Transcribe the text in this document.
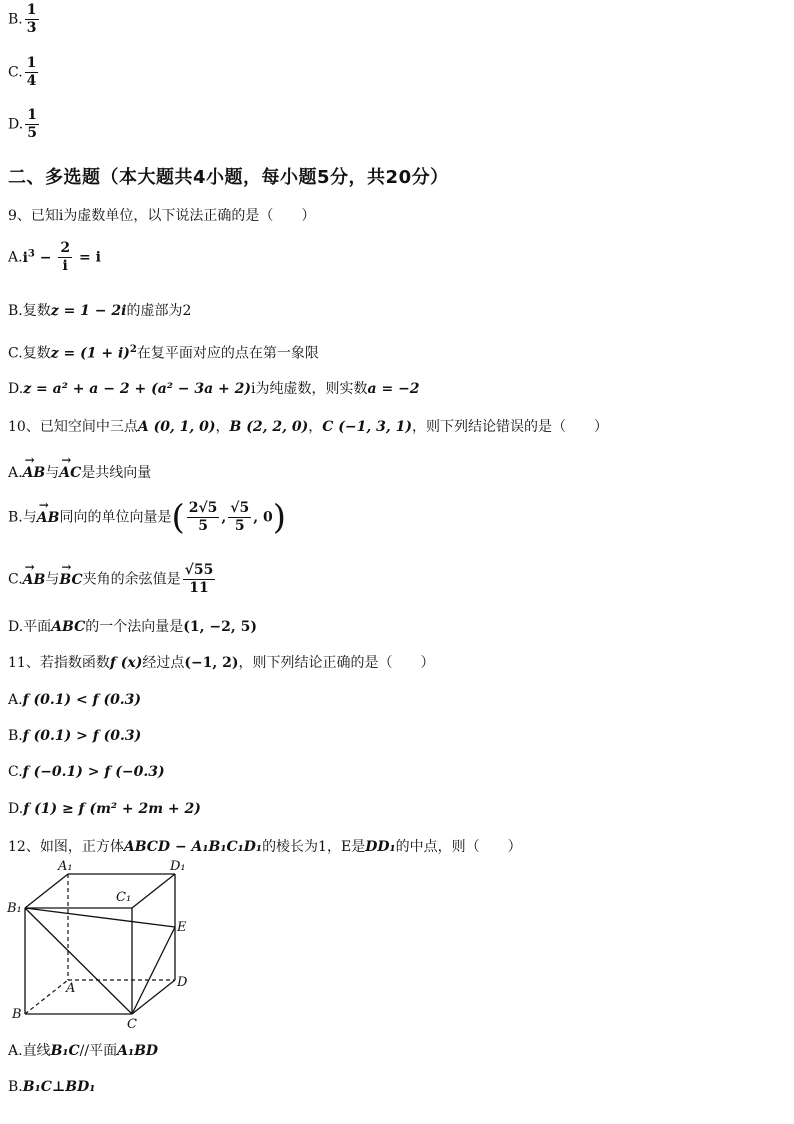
B. $\frac{1}{3}$
C. $\frac{1}{4}$
D. $\frac{1}{5}$
二、多选题（本大题共4小题，每小题5分，共20分）
9、已知i为虚数单位，以下说法正确的是（　　）
$A.i^3 - \frac{2}{i} = i$
B.复数z = 1 − 2i的虚部为2
C.复数$z = (1 + i)^2$在复平面对应的点在第一象限
D.z = a² + a − 2 + (a² − 3a + 2)i为纯虚数，则实数a = −2
10、已知空间中三点A (0, 1, 0)，B (2, 2, 0)，C (−1, 3, 1)，则下列结论错误的是（　　）
A.→ AB与→ AC是共线向量
B.与→ AB同向的单位向量是( $\frac{2√5}{5}$ , $\frac{√5}{5}$ , 0)
C.→ AB与→ BC夹角的余弦值是 $\frac{√55}{11}$
D.平面ABC的一个法向量是(1, −2, 5)
11、若指数函数f (x)经过点(−1, 2)，则下列结论正确的是（　　）
A.f (0.1) < f (0.3)
B.f (0.1) > f (0.3)
C.f (−0.1) > f (−0.3)
D.f (1) ≥ f (m² + 2m + 2)
12、如图，正方体ABCD − A₁B₁C₁D₁的棱长为1，E是DD₁的中点，则（　　）
A₁	D₁
C₁
B₁
E
A	D
B
C
A.直线B₁C//平面A₁BD
B.B₁C⊥BD₁
